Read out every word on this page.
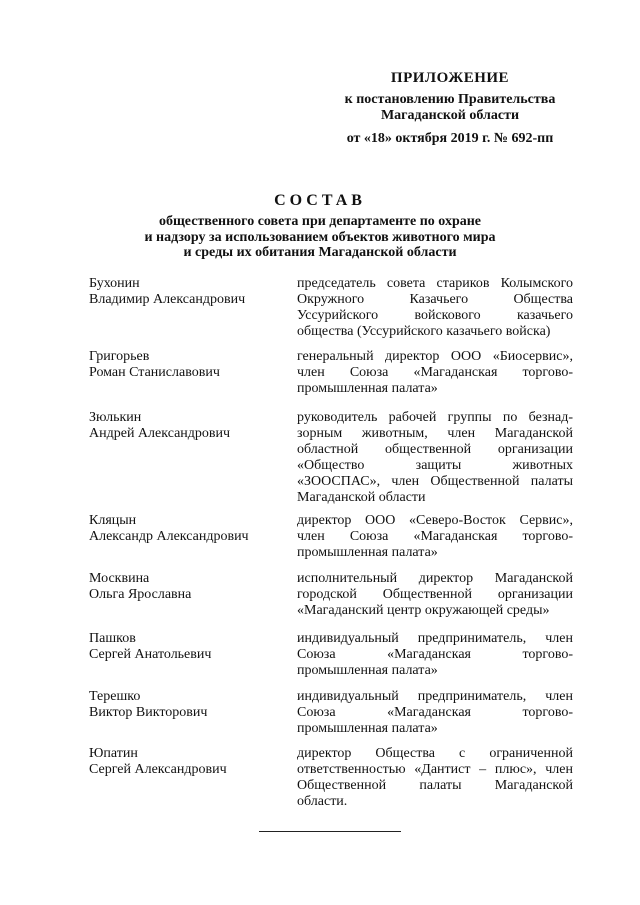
ПРИЛОЖЕНИЕ
к постановлению Правительства
Магаданской области
от «18» октября 2019 г. № 692-пп
СОСТАВ
общественного совета при департаменте по охране
и надзору за использованием объектов животного мира
и среды их обитания Магаданской области
Бухонин
Владимир Александрович
председатель совета стариков Колымского
Окружного Казачьего Общества
Уссурийского войскового казачьего
общества (Уссурийского казачьего войска)
Григорьев
Роман Станиславович
генеральный директор ООО «Биосервис»,
член Союза «Магаданская торгово-
промышленная палата»
Зюлькин
Андрей Александрович
руководитель рабочей группы по безнад-
зорным животным, член Магаданской
областной общественной организации
«Общество защиты животных
«ЗООСПАС», член Общественной палаты
Магаданской области
Кляцын
Александр Александрович
директор ООО «Северо-Восток Сервис»,
член Союза «Магаданская торгово-
промышленная палата»
Москвина
Ольга Ярославна
исполнительный директор Магаданской
городской Общественной организации
«Магаданский центр окружающей среды»
Пашков
Сергей Анатольевич
индивидуальный предприниматель, член
Союза «Магаданская торгово-
промышленная палата»
Терешко
Виктор Викторович
индивидуальный предприниматель, член
Союза «Магаданская торгово-
промышленная палата»
Юпатин
Сергей Александрович
директор Общества с ограниченной
ответственностью «Дантист – плюс», член
Общественной палаты Магаданской
области.
